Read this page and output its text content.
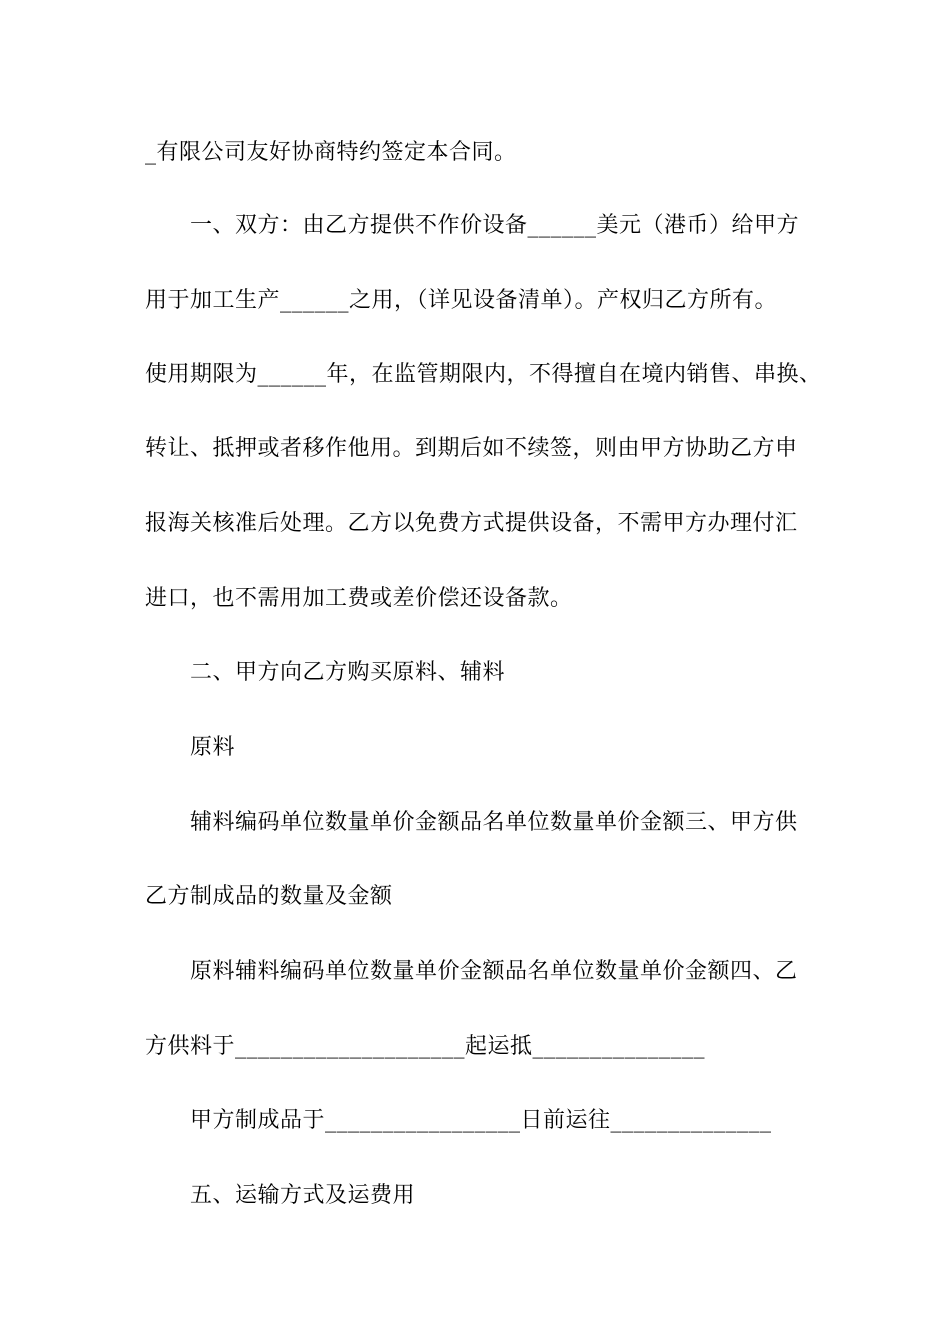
_有限公司友好协商特约签定本合同。
一、双方：由乙方提供不作价设备______美元（港币）给甲方
用于加工生产______之用，（详见设备清单）。产权归乙方所有。
使用期限为______年，在监管期限内，不得擅自在境内销售、串换、
转让、抵押或者移作他用。到期后如不续签，则由甲方协助乙方申
报海关核准后处理。乙方以免费方式提供设备，不需甲方办理付汇
进口，也不需用加工费或差价偿还设备款。
二、甲方向乙方购买原料、辅料
原料
辅料编码单位数量单价金额品名单位数量单价金额三、甲方供
乙方制成品的数量及金额
原料辅料编码单位数量单价金额品名单位数量单价金额四、乙
方供料于____________________起运抵_______________
甲方制成品于_________________日前运往______________
五、运输方式及运费用
